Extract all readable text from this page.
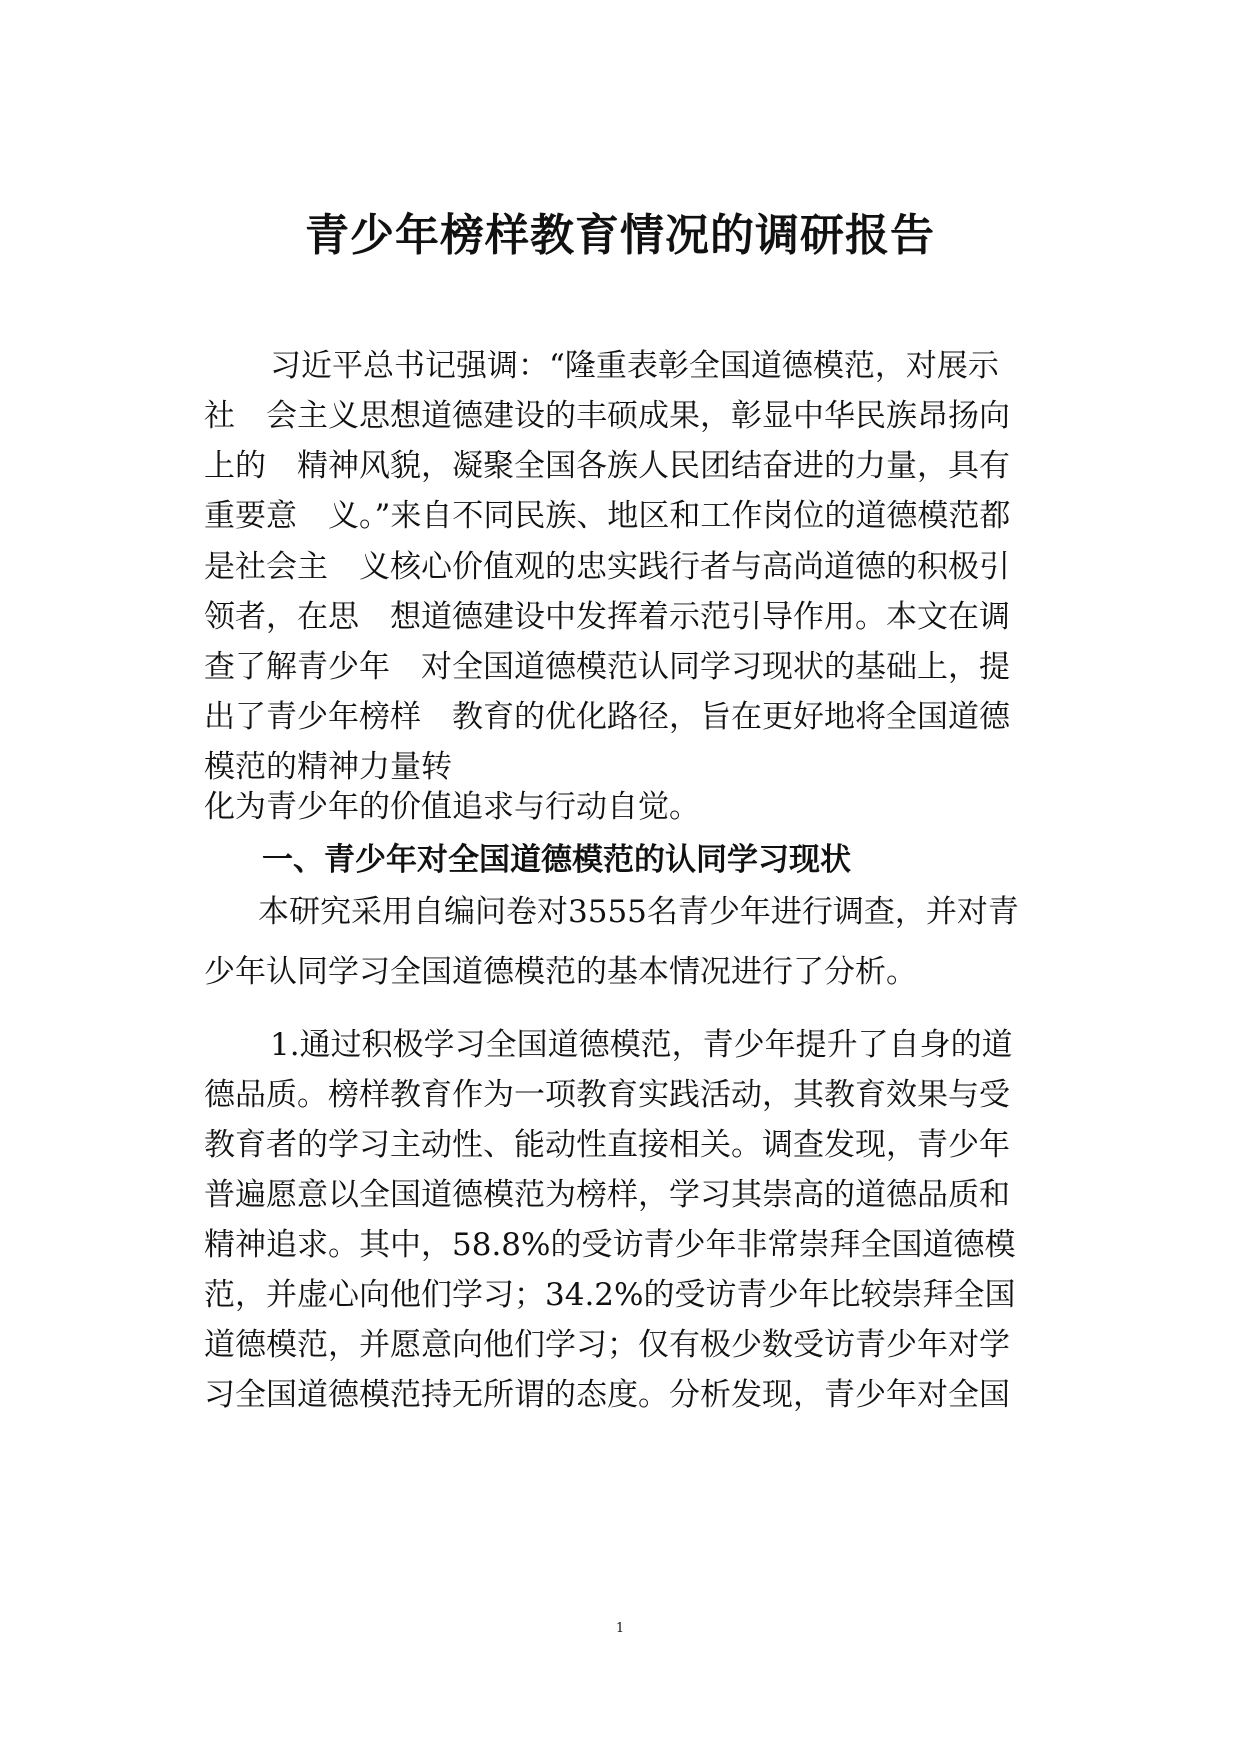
青少年榜样教育情况的调研报告
习近平总书记强调：“隆重表彰全国道德模范，对展示
社　会主义思想道德建设的丰硕成果，彰显中华民族昂扬向
上的　精神风貌，凝聚全国各族人民团结奋进的力量，具有
重要意　义。”来自不同民族、地区和工作岗位的道德模范都
是社会主　义核心价值观的忠实践行者与高尚道德的积极引
领者，在思　想道德建设中发挥着示范引导作用。本文在调
查了解青少年　对全国道德模范认同学习现状的基础上，提
出了青少年榜样　教育的优化路径，旨在更好地将全国道德
模范的精神力量转
化为青少年的价值追求与行动自觉。
一、青少年对全国道德模范的认同学习现状
本研究采用自编问卷对3555名青少年进行调查，并对青
少年认同学习全国道德模范的基本情况进行了分析。
1.通过积极学习全国道德模范，青少年提升了自身的道
德品质。榜样教育作为一项教育实践活动，其教育效果与受
教育者的学习主动性、能动性直接相关。调查发现，青少年
普遍愿意以全国道德模范为榜样，学习其崇高的道德品质和
精神追求。其中，58.8%的受访青少年非常崇拜全国道德模
范，并虚心向他们学习；34.2%的受访青少年比较崇拜全国
道德模范，并愿意向他们学习；仅有极少数受访青少年对学
习全国道德模范持无所谓的态度。分析发现，青少年对全国
1
